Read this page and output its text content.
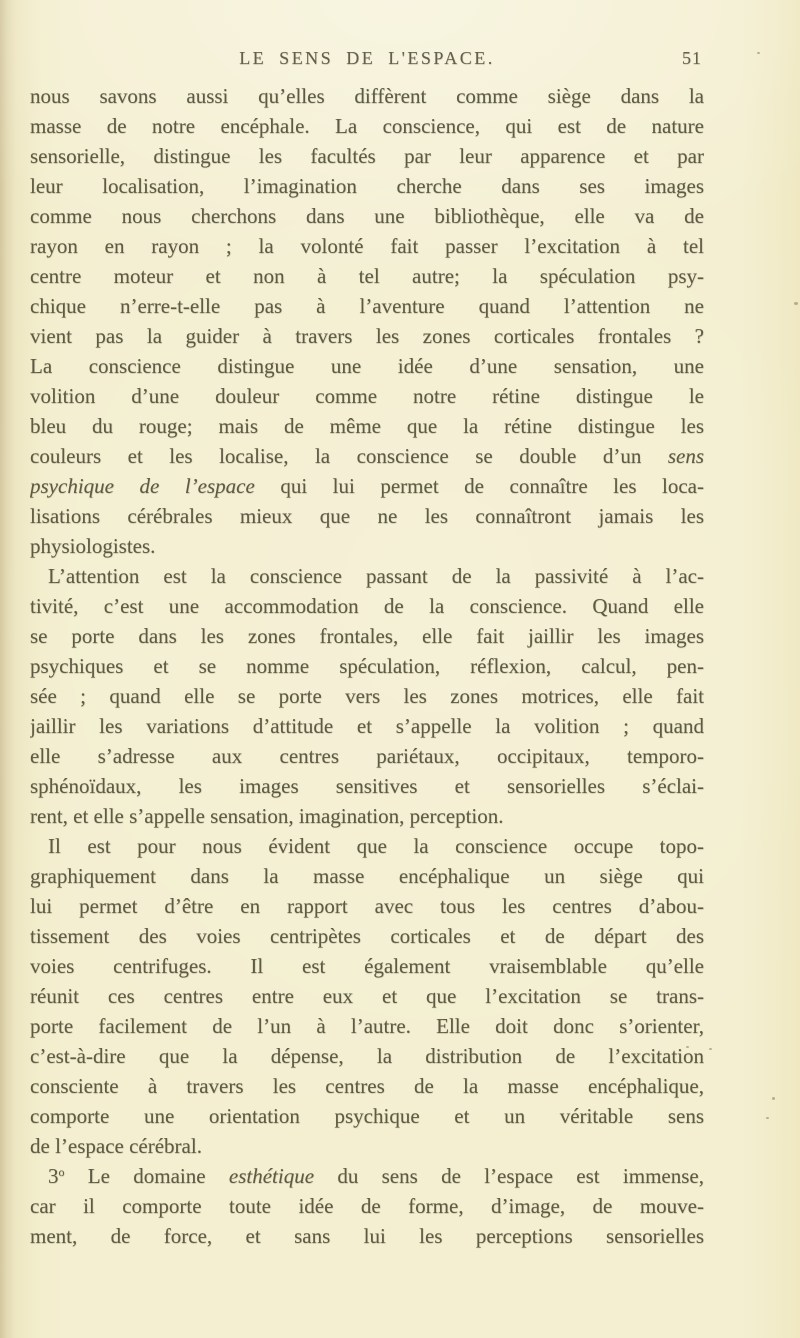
LE SENS DE L'ESPACE.	51
nous savons aussi qu’elles diffèrent comme siège dans la
masse de notre encéphale. La conscience, qui est de nature
sensorielle, distingue les facultés par leur apparence et par
leur localisation, l’imagination cherche dans ses images
comme nous cherchons dans une bibliothèque, elle va de
rayon en rayon ; la volonté fait passer l’excitation à tel
centre moteur et non à tel autre; la spéculation psy-
chique n’erre-t-elle pas à l’aventure quand l’attention ne
vient pas la guider à travers les zones corticales frontales ?
La conscience distingue une idée d’une sensation, une
volition d’une douleur comme notre rétine distingue le
bleu du rouge; mais de même que la rétine distingue les
couleurs et les localise, la conscience se double d’un sens
psychique de l’espace qui lui permet de connaître les loca-
lisations cérébrales mieux que ne les connaîtront jamais les
physiologistes.
L’attention est la conscience passant de la passivité à l’ac-
tivité, c’est une accommodation de la conscience. Quand elle
se porte dans les zones frontales, elle fait jaillir les images
psychiques et se nomme spéculation, réflexion, calcul, pen-
sée ; quand elle se porte vers les zones motrices, elle fait
jaillir les variations d’attitude et s’appelle la volition ; quand
elle s’adresse aux centres pariétaux, occipitaux, temporo-
sphénoïdaux, les images sensitives et sensorielles s’éclai-
rent, et elle s’appelle sensation, imagination, perception.
Il est pour nous évident que la conscience occupe topo-
graphiquement dans la masse encéphalique un siège qui
lui permet d’être en rapport avec tous les centres d’abou-
tissement des voies centripètes corticales et de départ des
voies centrifuges. Il est également vraisemblable qu’elle
réunit ces centres entre eux et que l’excitation se trans-
porte facilement de l’un à l’autre. Elle doit donc s’orienter,
c’est-à-dire que la dépense, la distribution de l’excitation
consciente à travers les centres de la masse encéphalique,
comporte une orientation psychique et un véritable sens
de l’espace cérébral.
3$^o$ Le domaine esthétique du sens de l’espace est immense,
car il comporte toute idée de forme, d’image, de mouve-
ment, de force, et sans lui les perceptions sensorielles
